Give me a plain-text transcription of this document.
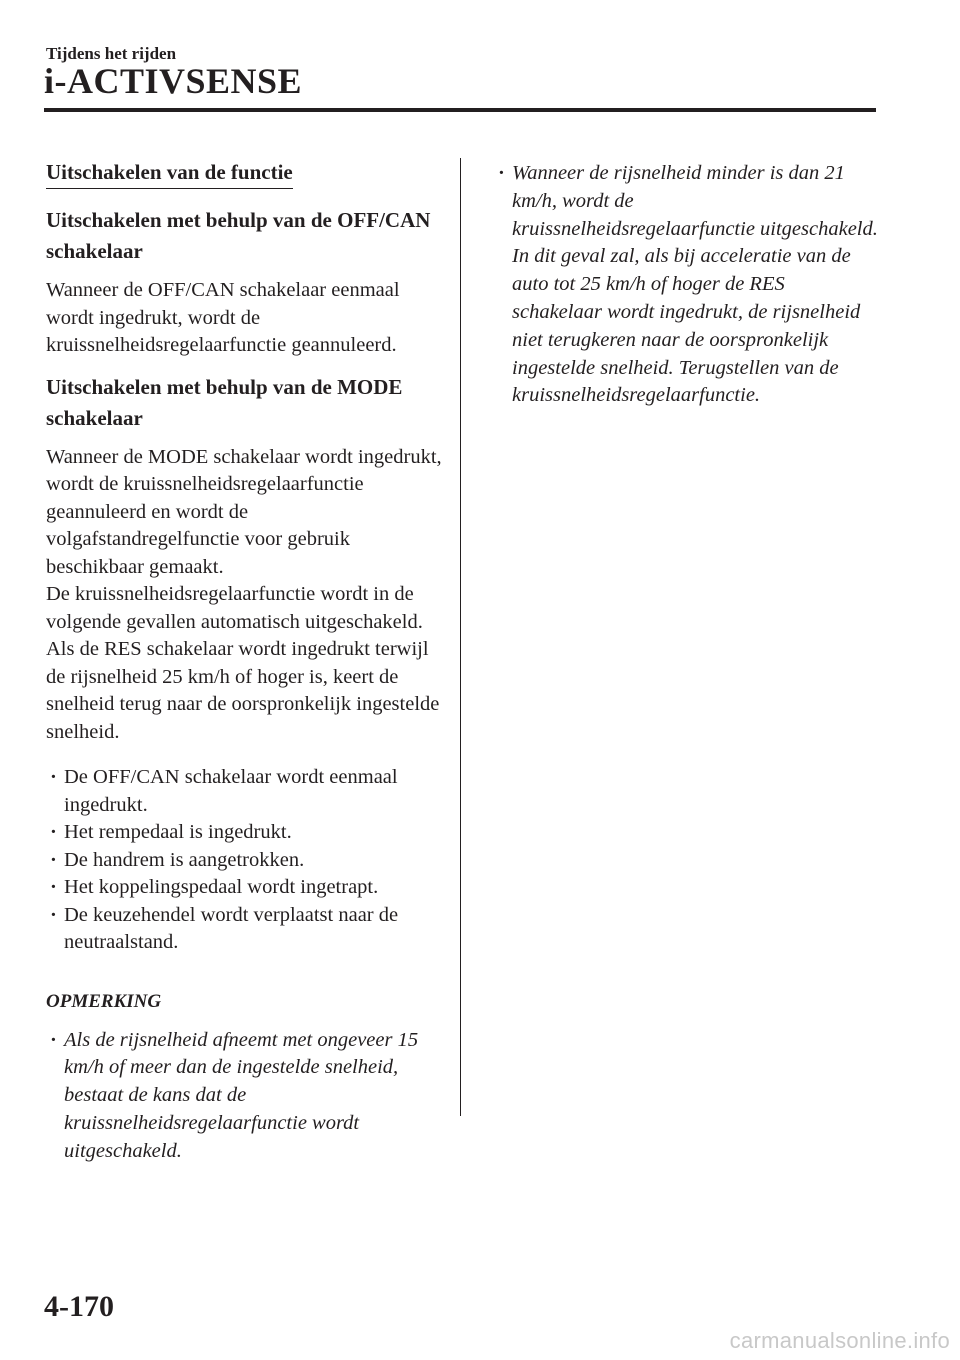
Tijdens het rijden
i-ACTIVSENSE
Uitschakelen van de functie
Uitschakelen met behulp van de OFF/CAN schakelaar
Wanneer de OFF/CAN schakelaar eenmaal wordt ingedrukt, wordt de kruissnelheidsregelaarfunctie geannuleerd.
Uitschakelen met behulp van de MODE schakelaar
Wanneer de MODE schakelaar wordt ingedrukt, wordt de kruissnelheidsregelaarfunctie geannuleerd en wordt de volgafstandregelfunctie voor gebruik beschikbaar gemaakt.
De kruissnelheidsregelaarfunctie wordt in de volgende gevallen automatisch uitgeschakeld. Als de RES schakelaar wordt ingedrukt terwijl de rijsnelheid 25 km/h of hoger is, keert de snelheid terug naar de oorspronkelijk ingestelde snelheid.
· De OFF/CAN schakelaar wordt eenmaal ingedrukt.
· Het rempedaal is ingedrukt.
· De handrem is aangetrokken.
· Het koppelingspedaal wordt ingetrapt.
· De keuzehendel wordt verplaatst naar de neutraalstand.
OPMERKING
· Als de rijsnelheid afneemt met ongeveer 15 km/h of meer dan de ingestelde snelheid, bestaat de kans dat de kruissnelheidsregelaarfunctie wordt uitgeschakeld.
· Wanneer de rijsnelheid minder is dan 21 km/h, wordt de kruissnelheidsregelaarfunctie uitgeschakeld. In dit geval zal, als bij acceleratie van de auto tot 25 km/h of hoger de RES schakelaar wordt ingedrukt, de rijsnelheid niet terugkeren naar de oorspronkelijk ingestelde snelheid. Terugstellen van de kruissnelheidsregelaarfunctie.
4-170
carmanualsonline.info
